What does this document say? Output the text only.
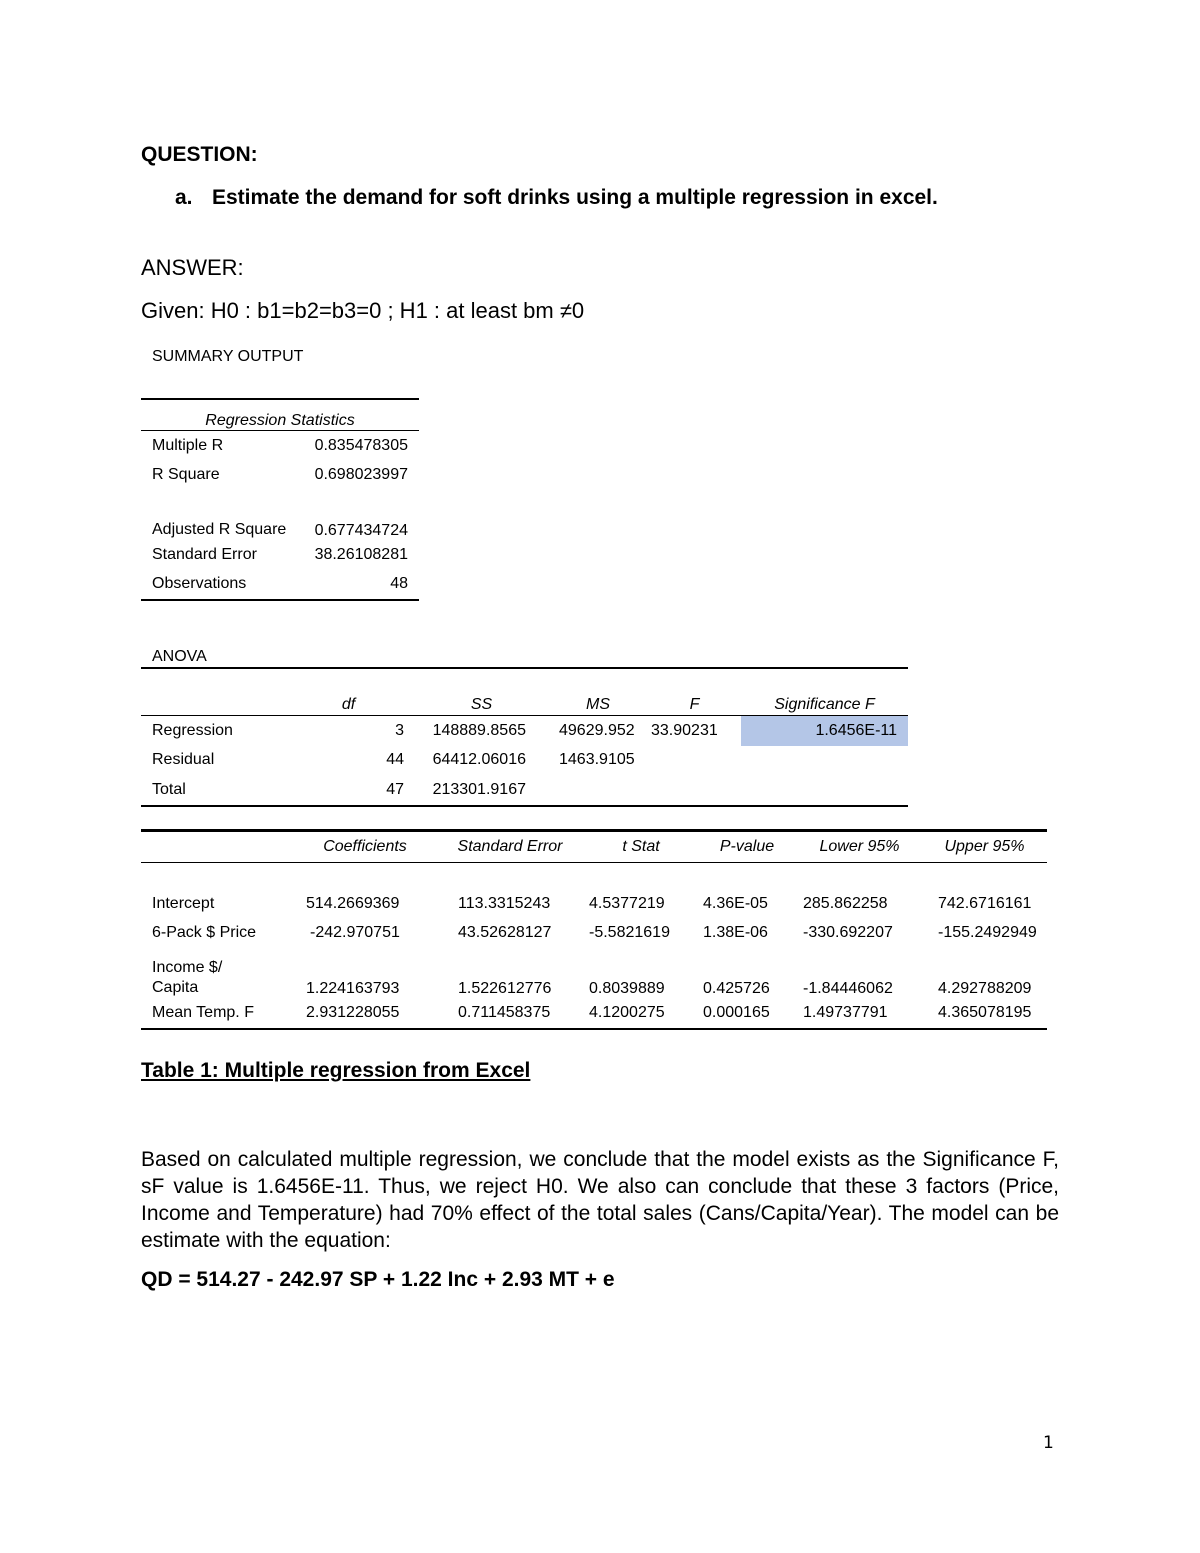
QUESTION:
a. Estimate the demand for soft drinks using a multiple regression in excel.
ANSWER:
Given: H0 : b1=b2=b3=0 ; H1 : at least bm ≠0
SUMMARY OUTPUT
Regression Statistics	
Multiple R	0.835478305
R Square	0.698023997
Adjusted R Square	0.677434724
Standard Error	38.26108281
Observations	48
ANOVA
	df	SS	MS	F	Significance F
Regression	3	148889.8565	49629.952	33.90231	1.6456E-11
Residual	44	64412.06016	1463.9105		
Total	47	213301.9167			
	Coefficients	Standard Error	t Stat	P-value	Lower 95%	Upper 95%

Intercept	514.2669369	113.3315243	4.5377219	4.36E-05	285.862258	742.6716161
6-Pack $ Price	-242.970751	43.52628127	-5.5821619	1.38E-06	-330.692207	-155.2492949
Income $/ Capita	1.224163793	1.522612776	0.8039889	0.425726	-1.84446062	4.292788209
Mean Temp. F	2.931228055	0.711458375	4.1200275	0.000165	1.49737791	4.365078195
Table 1: Multiple regression from Excel
Based on calculated multiple regression, we conclude that the model exists as the Significance F, sF value is 1.6456E-11. Thus, we reject H0. We also can conclude that these 3 factors (Price, Income and Temperature) had 70% effect of the total sales (Cans/Capita/Year). The model can be estimate with the equation:
QD = 514.27 - 242.97 SP + 1.22 Inc + 2.93 MT + e
1
